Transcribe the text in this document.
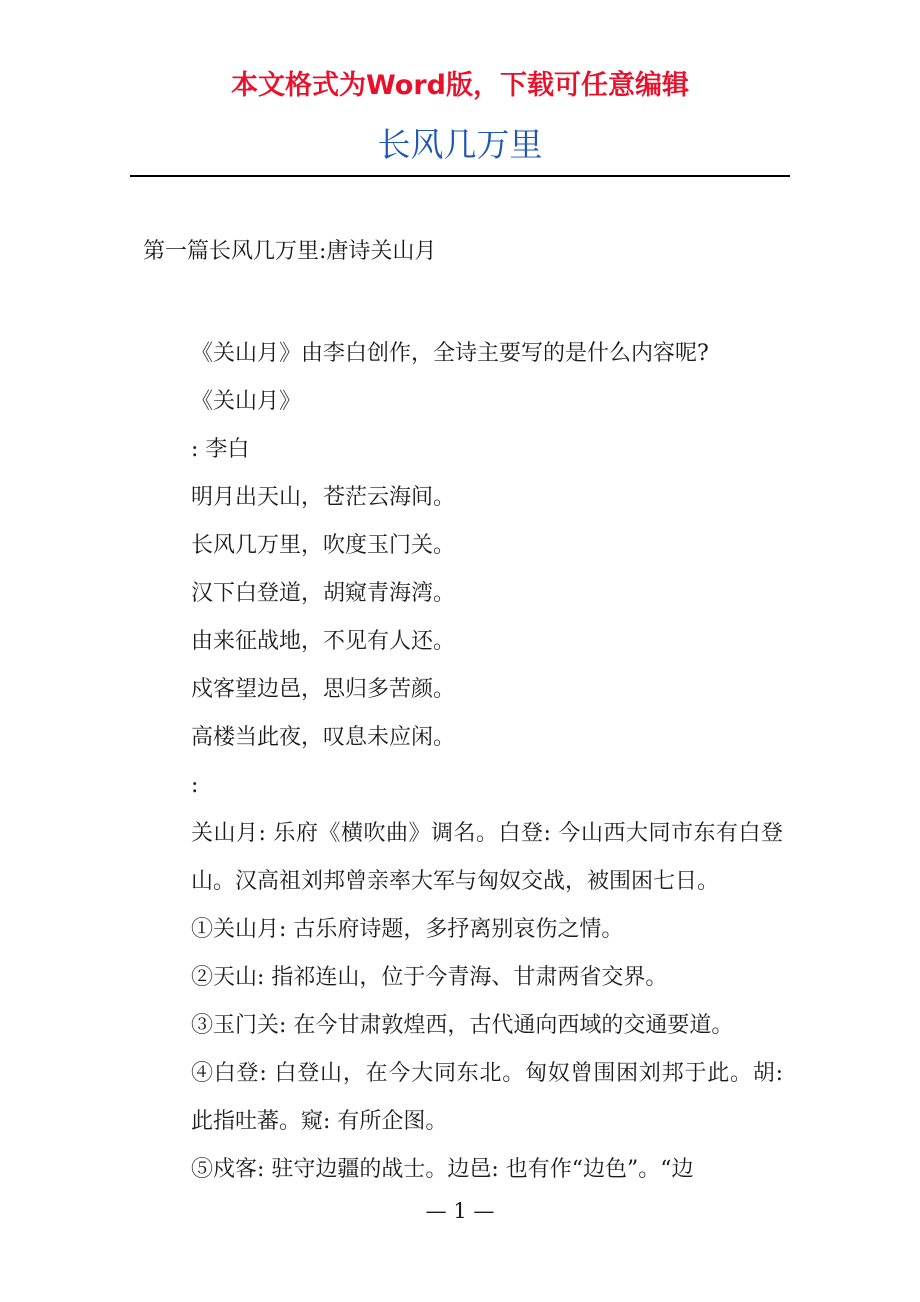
本文格式为Word版，下载可任意编辑
长风几万里
第一篇长风几万里:唐诗关山月

《关山月》由李白创作，全诗主要写的是什么内容呢?

《关山月》

: 李白

明月出天山，苍茫云海间。

长风几万里，吹度玉门关。

汉下白登道，胡窥青海湾。

由来征战地，不见有人还。

戍客望边邑，思归多苦颜。

高楼当此夜，叹息未应闲。

:

关山月: 乐府《横吹曲》调名。白登: 今山西大同市东有白登山。汉高祖刘邦曾亲率大军与匈奴交战，被围困七日。

①关山月: 古乐府诗题，多抒离别哀伤之情。

②天山: 指祁连山，位于今青海、甘肃两省交界。

③玉门关: 在今甘肃敦煌西，古代通向西域的交通要道。

④白登: 白登山，在今大同东北。匈奴曾围困刘邦于此。胡: 此指吐蕃。窥: 有所企图。

⑤戍客: 驻守边疆的战士。边邑: 也有作“边色”。“边

— 1 —
